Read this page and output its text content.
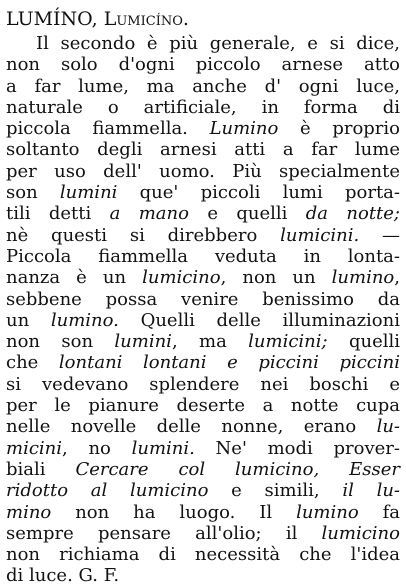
LUMÍNO, Lumicíno.
Il secondo è più generale, e si dice,
non solo d'ogni piccolo arnese atto
a far lume, ma anche d' ogni luce,
naturale o artificiale, in forma di
piccola fiammella. Lumino è proprio
soltanto degli arnesi atti a far lume
per uso dell' uomo. Più specialmente
son lumini que' piccoli lumi porta-
tili detti a mano e quelli da notte;
nè questi si direbbero lumicini. —
Piccola fiammella veduta in lonta-
nanza è un lumicino, non un lumino,
sebbene possa venire benissimo da
un lumino. Quelli delle illuminazioni
non son lumini, ma lumicini; quelli
che lontani lontani e piccini piccini
si vedevano splendere nei boschi e
per le pianure deserte a notte cupa
nelle novelle delle nonne, erano lu-
micini, no lumini. Ne' modi prover-
biali Cercare col lumicino, Esser
ridotto al lumicino e simili, il lu-
mino non ha luogo. Il lumino fa
sempre pensare all'olio; il lumicino
non richiama di necessità che l'idea
di luce. G. F.
